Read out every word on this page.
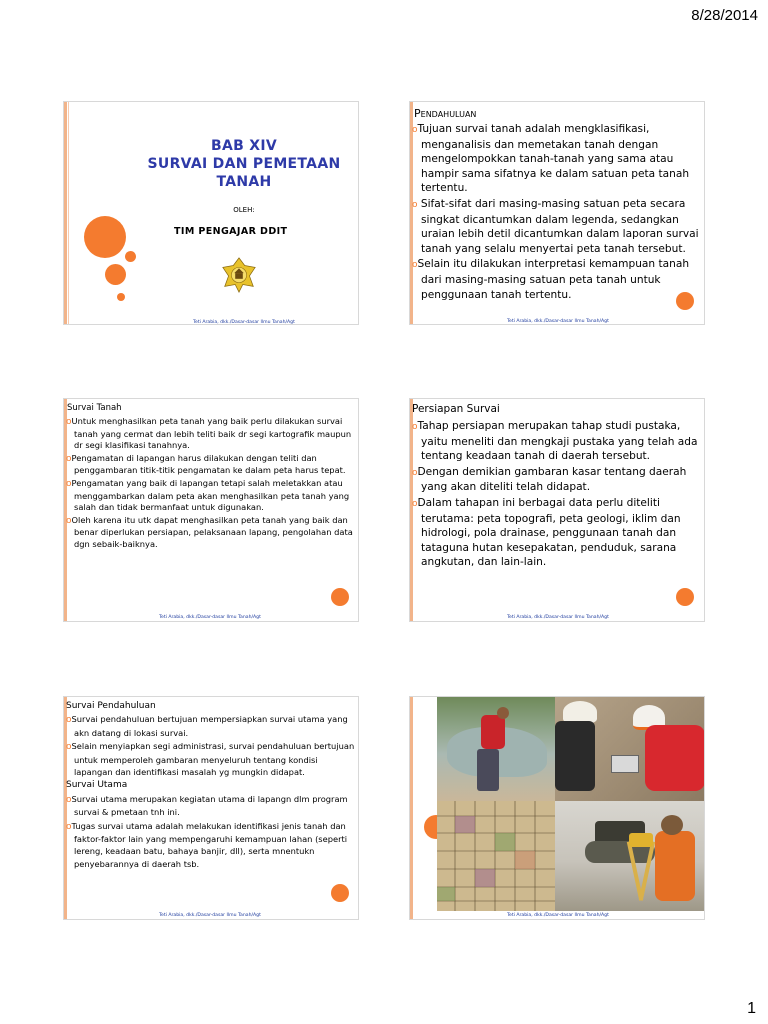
8/28/2014
BAB XIV
SURVAI DAN PEMETAAN
TANAH
OLEH:
TIM PENGAJAR DDIT
Teti Arabia, dkk./Dasar-dasar Ilmu Tanah/Agt
PENDAHULUAN

oTujuan survai tanah adalah mengklasifikasi, menganalisis dan memetakan tanah dengan mengelompokkan tanah-tanah yang sama atau hampir sama sifatnya ke dalam satuan peta tanah tertentu.

o Sifat-sifat dari masing-masing satuan peta secara singkat dicantumkan dalam legenda, sedangkan uraian lebih detil dicantumkan dalam laporan survai tanah yang selalu menyertai peta tanah tersebut.

oSelain itu dilakukan interpretasi kemampuan tanah dari masing-masing satuan peta tanah untuk penggunaan tanah tertentu.

Teti Arabia, dkk./Dasar-dasar Ilmu Tanah/Agt
Survai Tanah

oUntuk menghasilkan peta tanah yang baik perlu dilakukan survai tanah yang cermat dan lebih teliti baik dr segi kartografik maupun dr segi klasifikasi tanahnya.

oPengamatan di lapangan harus dilakukan dengan teliti dan penggambaran titik-titik pengamatan ke dalam peta harus tepat.

oPengamatan yang baik di lapangan tetapi salah meletakkan atau menggambarkan dalam peta akan menghasilkan peta tanah yang salah dan tidak bermanfaat untuk digunakan.

oOleh karena itu utk dapat menghasilkan peta tanah yang baik dan benar diperlukan persiapan, pelaksanaan lapang, pengolahan data dgn sebaik-baiknya.

Teti Arabia, dkk./Dasar-dasar Ilmu Tanah/Agt
Persiapan Survai

oTahap persiapan merupakan tahap studi pustaka, yaitu meneliti dan mengkaji pustaka yang telah ada tentang keadaan tanah di daerah tersebut.

oDengan demikian gambaran kasar tentang daerah yang akan diteliti telah didapat.

oDalam tahapan ini berbagai data perlu diteliti terutama: peta topografi, peta geologi, iklim dan hidrologi, pola drainase, penggunaan tanah dan tataguna hutan kesepakatan, penduduk, sarana angkutan, dan lain-lain.

Teti Arabia, dkk./Dasar-dasar Ilmu Tanah/Agt
Survai Pendahuluan

oSurvai pendahuluan bertujuan mempersiapkan survai utama yang akn datang di lokasi survai.

oSelain menyiapkan segi administrasi, survai pendahuluan bertujuan untuk memperoleh gambaran menyeluruh tentang kondisi lapangan dan identifikasi masalah yg mungkin didapat.

Survai Utama

oSurvai utama merupakan kegiatan utama di lapangn dlm program survai & pmetaan tnh ini.

oTugas survai utama adalah melakukan identifikasi jenis tanah dan faktor-faktor lain yang mempengaruhi kemampuan lahan (seperti lereng, keadaan batu, bahaya banjir, dll), serta mnentukn penyebarannya di daerah tsb.

Teti Arabia, dkk./Dasar-dasar Ilmu Tanah/Agt	Teti Arabia, dkk./Dasar-dasar Ilmu Tanah/Agt
1
